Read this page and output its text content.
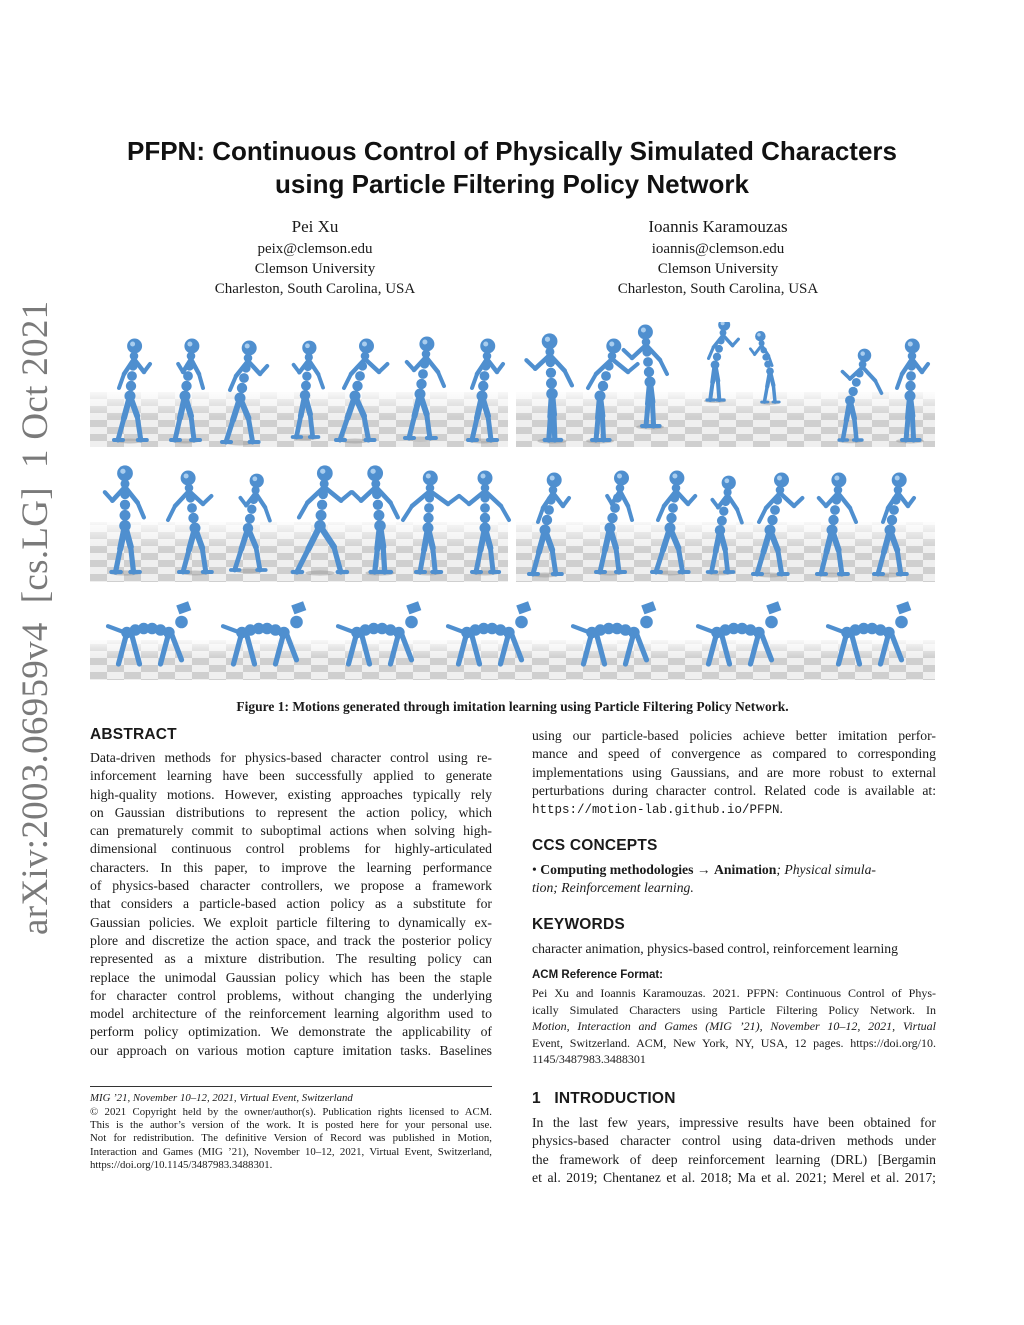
arXiv:2003.06959v4  [cs.LG]  1 Oct 2021
PFPN: Continuous Control of Physically Simulated Characters
using Particle Filtering Policy Network
Pei Xu
peix@clemson.edu
Clemson University
Charleston, South Carolina, USA
Ioannis Karamouzas
ioannis@clemson.edu
Clemson University
Charleston, South Carolina, USA
Figure 1: Motions generated through imitation learning using Particle Filtering Policy Network.
ABSTRACT
Data-driven methods for physics-based character control using re-
inforcement learning have been successfully applied to generate
high-quality motions. However, existing approaches typically rely
on Gaussian distributions to represent the action policy, which
can prematurely commit to suboptimal actions when solving high-
dimensional continuous control problems for highly-articulated
characters. In this paper, to improve the learning performance
of physics-based character controllers, we propose a framework
that considers a particle-based action policy as a substitute for
Gaussian policies. We exploit particle filtering to dynamically ex-
plore and discretize the action space, and track the posterior policy
represented as a mixture distribution. The resulting policy can
replace the unimodal Gaussian policy which has been the staple
for character control problems, without changing the underlying
model architecture of the reinforcement learning algorithm used to
perform policy optimization. We demonstrate the applicability of
our approach on various motion capture imitation tasks. Baselines
MIG ’21, November 10–12, 2021, Virtual Event, Switzerland
© 2021 Copyright held by the owner/author(s). Publication rights licensed to ACM.
This is the author’s version of the work. It is posted here for your personal use.
Not for redistribution. The definitive Version of Record was published in Motion,
Interaction and Games (MIG ’21), November 10–12, 2021, Virtual Event, Switzerland,
https://doi.org/10.1145/3487983.3488301.
using our particle-based policies achieve better imitation perfor-
mance and speed of convergence as compared to corresponding
implementations using Gaussians, and are more robust to external
perturbations during character control. Related code is available at:
https://motion-lab.github.io/PFPN.
CCS CONCEPTS
• Computing methodologies → Animation; Physical simula-
tion; Reinforcement learning.
KEYWORDS
character animation, physics-based control, reinforcement learning
ACM Reference Format:
Pei Xu and Ioannis Karamouzas. 2021. PFPN: Continuous Control of Phys-
ically Simulated Characters using Particle Filtering Policy Network. In
Motion, Interaction and Games (MIG ’21), November 10–12, 2021, Virtual
Event, Switzerland. ACM, New York, NY, USA, 12 pages. https://doi.org/10.
1145/3487983.3488301
1 INTRODUCTION
In the last few years, impressive results have been obtained for
physics-based character control using data-driven methods under
the framework of deep reinforcement learning (DRL) [Bergamin
et al. 2019; Chentanez et al. 2018; Ma et al. 2021; Merel et al. 2017;
